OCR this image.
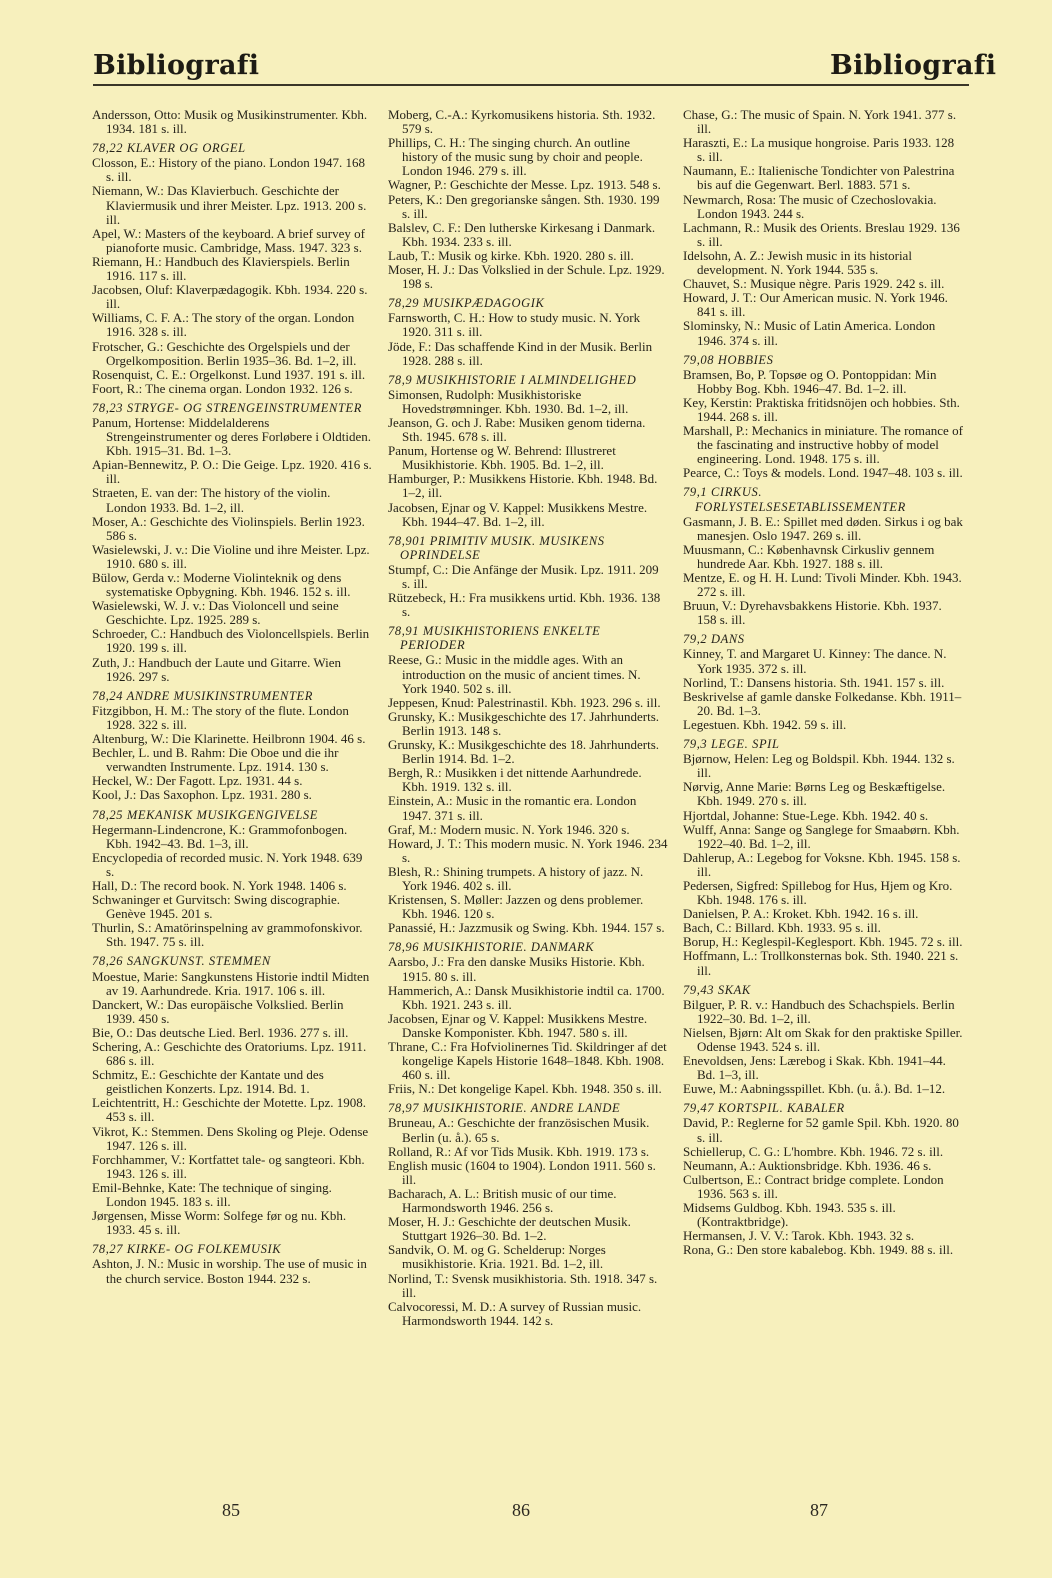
Bibliografi	Bibliografi

Andersson, Otto: Musik og Musikinstrumenter. Kbh. 1934. 181 s. ill.

78,22 KLAVER OG ORGEL

Closson, E.: History of the piano. London 1947. 168 s. ill.

Niemann, W.: Das Klavierbuch. Geschichte der Klaviermusik und ihrer Meister. Lpz. 1913. 200 s. ill.

Apel, W.: Masters of the keyboard. A brief survey of pianoforte music. Cambridge, Mass. 1947. 323 s.

Riemann, H.: Handbuch des Klavierspiels. Berlin 1916. 117 s. ill.

Jacobsen, Oluf: Klaverpædagogik. Kbh. 1934. 220 s. ill.

Williams, C. F. A.: The story of the organ. London 1916. 328 s. ill.

Frotscher, G.: Geschichte des Orgelspiels und der Orgelkomposition. Berlin 1935–36. Bd. 1–2, ill.

Rosenquist, C. E.: Orgelkonst. Lund 1937. 191 s. ill.

Foort, R.: The cinema organ. London 1932. 126 s.

78,23 STRYGE- OG STRENGEINSTRUMENTER

Panum, Hortense: Middelalderens Strengeinstrumenter og deres Forløbere i Oldtiden. Kbh. 1915–31. Bd. 1–3.

Apian-Bennewitz, P. O.: Die Geige. Lpz. 1920. 416 s. ill.

Straeten, E. van der: The history of the violin. London 1933. Bd. 1–2, ill.

Moser, A.: Geschichte des Violinspiels. Berlin 1923. 586 s.

Wasielewski, J. v.: Die Violine und ihre Meister. Lpz. 1910. 680 s. ill.

Bülow, Gerda v.: Moderne Violinteknik og dens systematiske Opbygning. Kbh. 1946. 152 s. ill.

Wasielewski, W. J. v.: Das Violoncell und seine Geschichte. Lpz. 1925. 289 s.

Schroeder, C.: Handbuch des Violoncellspiels. Berlin 1920. 199 s. ill.

Zuth, J.: Handbuch der Laute und Gitarre. Wien 1926. 297 s.

78,24 ANDRE MUSIKINSTRUMENTER

Fitzgibbon, H. M.: The story of the flute. London 1928. 322 s. ill.

Altenburg, W.: Die Klarinette. Heilbronn 1904. 46 s.

Bechler, L. und B. Rahm: Die Oboe und die ihr verwandten Instrumente. Lpz. 1914. 130 s.

Heckel, W.: Der Fagott. Lpz. 1931. 44 s.

Kool, J.: Das Saxophon. Lpz. 1931. 280 s.

78,25 MEKANISK MUSIKGENGIVELSE

Hegermann-Lindencrone, K.: Grammofonbogen. Kbh. 1942–43. Bd. 1–3, ill.

Encyclopedia of recorded music. N. York 1948. 639 s.

Hall, D.: The record book. N. York 1948. 1406 s.

Schwaninger et Gurvitsch: Swing discographie. Genève 1945. 201 s.

Thurlin, S.: Amatörinspelning av grammofonskivor. Sth. 1947. 75 s. ill.

78,26 SANGKUNST. STEMMEN

Moestue, Marie: Sangkunstens Historie indtil Midten av 19. Aarhundrede. Kria. 1917. 106 s. ill.

Danckert, W.: Das europäische Volkslied. Berlin 1939. 450 s.

Bie, O.: Das deutsche Lied. Berl. 1936. 277 s. ill.

Schering, A.: Geschichte des Oratoriums. Lpz. 1911. 686 s. ill.

Schmitz, E.: Geschichte der Kantate und des geistlichen Konzerts. Lpz. 1914. Bd. 1.

Leichtentritt, H.: Geschichte der Motette. Lpz. 1908. 453 s. ill.

Vikrot, K.: Stemmen. Dens Skoling og Pleje. Odense 1947. 126 s. ill.

Forchhammer, V.: Kortfattet tale- og sangteori. Kbh. 1943. 126 s. ill.

Emil-Behnke, Kate: The technique of singing. London 1945. 183 s. ill.

Jørgensen, Misse Worm: Solfege før og nu. Kbh. 1933. 45 s. ill.

78,27 KIRKE- OG FOLKEMUSIK

Ashton, J. N.: Music in worship. The use of music in the church service. Boston 1944. 232 s.

Moberg, C.-A.: Kyrkomusikens historia. Sth. 1932. 579 s.

Phillips, C. H.: The singing church. An outline history of the music sung by choir and people. London 1946. 279 s. ill.

Wagner, P.: Geschichte der Messe. Lpz. 1913. 548 s.

Peters, K.: Den gregorianske sången. Sth. 1930. 199 s. ill.

Balslev, C. F.: Den lutherske Kirkesang i Danmark. Kbh. 1934. 233 s. ill.

Laub, T.: Musik og kirke. Kbh. 1920. 280 s. ill.

Moser, H. J.: Das Volkslied in der Schule. Lpz. 1929. 198 s.

78,29 MUSIKPÆDAGOGIK

Farnsworth, C. H.: How to study music. N. York 1920. 311 s. ill.

Jöde, F.: Das schaffende Kind in der Musik. Berlin 1928. 288 s. ill.

78,9 MUSIKHISTORIE I ALMINDELIGHED

Simonsen, Rudolph: Musikhistoriske Hovedstrømninger. Kbh. 1930. Bd. 1–2, ill.

Jeanson, G. och J. Rabe: Musiken genom tiderna. Sth. 1945. 678 s. ill.

Panum, Hortense og W. Behrend: Illustreret Musikhistorie. Kbh. 1905. Bd. 1–2, ill.

Hamburger, P.: Musikkens Historie. Kbh. 1948. Bd. 1–2, ill.

Jacobsen, Ejnar og V. Kappel: Musikkens Mestre. Kbh. 1944–47. Bd. 1–2, ill.

78,901 PRIMITIV MUSIK. MUSIKENS OPRINDELSE

Stumpf, C.: Die Anfänge der Musik. Lpz. 1911. 209 s. ill.

Rützebeck, H.: Fra musikkens urtid. Kbh. 1936. 138 s.

78,91 MUSIKHISTORIENS ENKELTE PERIODER

Reese, G.: Music in the middle ages. With an introduction on the music of ancient times. N. York 1940. 502 s. ill.

Jeppesen, Knud: Palestrinastil. Kbh. 1923. 296 s. ill.

Grunsky, K.: Musikgeschichte des 17. Jahrhunderts. Berlin 1913. 148 s.

Grunsky, K.: Musikgeschichte des 18. Jahrhunderts. Berlin 1914. Bd. 1–2.

Bergh, R.: Musikken i det nittende Aarhundrede. Kbh. 1919. 132 s. ill.

Einstein, A.: Music in the romantic era. London 1947. 371 s. ill.

Graf, M.: Modern music. N. York 1946. 320 s.

Howard, J. T.: This modern music. N. York 1946. 234 s.

Blesh, R.: Shining trumpets. A history of jazz. N. York 1946. 402 s. ill.

Kristensen, S. Møller: Jazzen og dens problemer. Kbh. 1946. 120 s.

Panassié, H.: Jazzmusik og Swing. Kbh. 1944. 157 s.

78,96 MUSIKHISTORIE. DANMARK

Aarsbo, J.: Fra den danske Musiks Historie. Kbh. 1915. 80 s. ill.

Hammerich, A.: Dansk Musikhistorie indtil ca. 1700. Kbh. 1921. 243 s. ill.

Jacobsen, Ejnar og V. Kappel: Musikkens Mestre. Danske Komponister. Kbh. 1947. 580 s. ill.

Thrane, C.: Fra Hofviolinernes Tid. Skildringer af det kongelige Kapels Historie 1648–1848. Kbh. 1908. 460 s. ill.

Friis, N.: Det kongelige Kapel. Kbh. 1948. 350 s. ill.

78,97 MUSIKHISTORIE. ANDRE LANDE

Bruneau, A.: Geschichte der französischen Musik. Berlin (u. å.). 65 s.

Rolland, R.: Af vor Tids Musik. Kbh. 1919. 173 s.

English music (1604 to 1904). London 1911. 560 s. ill.

Bacharach, A. L.: British music of our time. Harmondsworth 1946. 256 s.

Moser, H. J.: Geschichte der deutschen Musik. Stuttgart 1926–30. Bd. 1–2.

Sandvik, O. M. og G. Schelderup: Norges musikhistorie. Kria. 1921. Bd. 1–2, ill.

Norlind, T.: Svensk musikhistoria. Sth. 1918. 347 s. ill.

Calvocoressi, M. D.: A survey of Russian music. Harmondsworth 1944. 142 s.

Chase, G.: The music of Spain. N. York 1941. 377 s. ill.

Haraszti, E.: La musique hongroise. Paris 1933. 128 s. ill.

Naumann, E.: Italienische Tondichter von Palestrina bis auf die Gegenwart. Berl. 1883. 571 s.

Newmarch, Rosa: The music of Czechoslovakia. London 1943. 244 s.

Lachmann, R.: Musik des Orients. Breslau 1929. 136 s. ill.

Idelsohn, A. Z.: Jewish music in its historial development. N. York 1944. 535 s.

Chauvet, S.: Musique nègre. Paris 1929. 242 s. ill.

Howard, J. T.: Our American music. N. York 1946. 841 s. ill.

Slominsky, N.: Music of Latin America. London 1946. 374 s. ill.

79,08 HOBBIES

Bramsen, Bo, P. Topsøe og O. Pontoppidan: Min Hobby Bog. Kbh. 1946–47. Bd. 1–2. ill.

Key, Kerstin: Praktiska fritidsnöjen och hobbies. Sth. 1944. 268 s. ill.

Marshall, P.: Mechanics in miniature. The romance of the fascinating and instructive hobby of model engineering. Lond. 1948. 175 s. ill.

Pearce, C.: Toys & models. Lond. 1947–48. 103 s. ill.

79,1 CIRKUS. FORLYSTELSESETABLISSEMENTER

Gasmann, J. B. E.: Spillet med døden. Sirkus i og bak manesjen. Oslo 1947. 269 s. ill.

Muusmann, C.: Københavnsk Cirkusliv gennem hundrede Aar. Kbh. 1927. 188 s. ill.

Mentze, E. og H. H. Lund: Tivoli Minder. Kbh. 1943. 272 s. ill.

Bruun, V.: Dyrehavsbakkens Historie. Kbh. 1937. 158 s. ill.

79,2 DANS

Kinney, T. and Margaret U. Kinney: The dance. N. York 1935. 372 s. ill.

Norlind, T.: Dansens historia. Sth. 1941. 157 s. ill.

Beskrivelse af gamle danske Folkedanse. Kbh. 1911–20. Bd. 1–3.

Legestuen. Kbh. 1942. 59 s. ill.

79,3 LEGE. SPIL

Bjørnow, Helen: Leg og Boldspil. Kbh. 1944. 132 s. ill.

Nørvig, Anne Marie: Børns Leg og Beskæftigelse. Kbh. 1949. 270 s. ill.

Hjortdal, Johanne: Stue-Lege. Kbh. 1942. 40 s.

Wulff, Anna: Sange og Sanglege for Smaabørn. Kbh. 1922–40. Bd. 1–2, ill.

Dahlerup, A.: Legebog for Voksne. Kbh. 1945. 158 s. ill.

Pedersen, Sigfred: Spillebog for Hus, Hjem og Kro. Kbh. 1948. 176 s. ill.

Danielsen, P. A.: Kroket. Kbh. 1942. 16 s. ill.

Bach, C.: Billard. Kbh. 1933. 95 s. ill.

Borup, H.: Keglespil-Keglesport. Kbh. 1945. 72 s. ill.

Hoffmann, L.: Trollkonsternas bok. Sth. 1940. 221 s. ill.

79,43 SKAK

Bilguer, P. R. v.: Handbuch des Schachspiels. Berlin 1922–30. Bd. 1–2, ill.

Nielsen, Bjørn: Alt om Skak for den praktiske Spiller. Odense 1943. 524 s. ill.

Enevoldsen, Jens: Lærebog i Skak. Kbh. 1941–44. Bd. 1–3, ill.

Euwe, M.: Aabningsspillet. Kbh. (u. å.). Bd. 1–12.

79,47 KORTSPIL. KABALER

David, P.: Reglerne for 52 gamle Spil. Kbh. 1920. 80 s. ill.

Schiellerup, C. G.: L'hombre. Kbh. 1946. 72 s. ill.

Neumann, A.: Auktionsbridge. Kbh. 1936. 46 s.

Culbertson, E.: Contract bridge complete. London 1936. 563 s. ill.

Midsems Guldbog. Kbh. 1943. 535 s. ill. (Kontraktbridge).

Hermansen, J. V. V.: Tarok. Kbh. 1943. 32 s.

Rona, G.: Den store kabalebog. Kbh. 1949. 88 s. ill.

85	86	87
